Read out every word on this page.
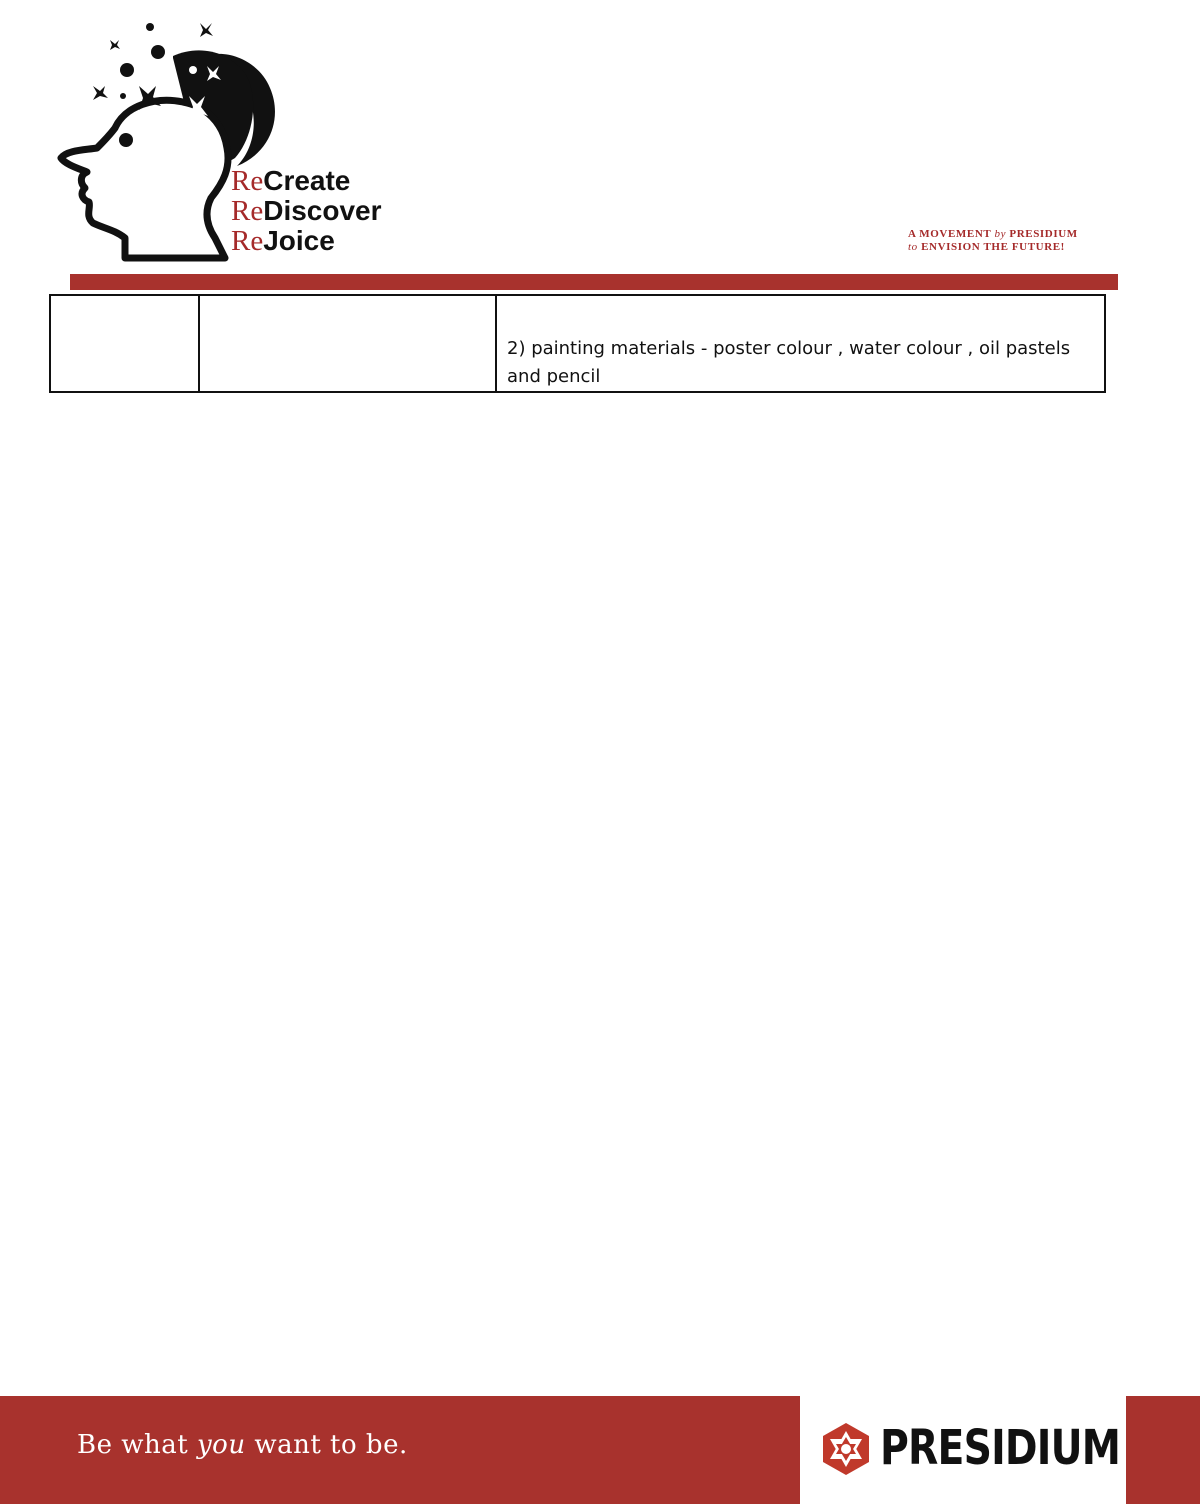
ReCreate
ReDiscover
ReJoice	A MOVEMENT by PRESIDIUM
to ENVISION THE FUTURE!
		2) painting materials - poster colour , water colour , oil pastels and pencil
Be what you want to be.	PRESIDIUM
